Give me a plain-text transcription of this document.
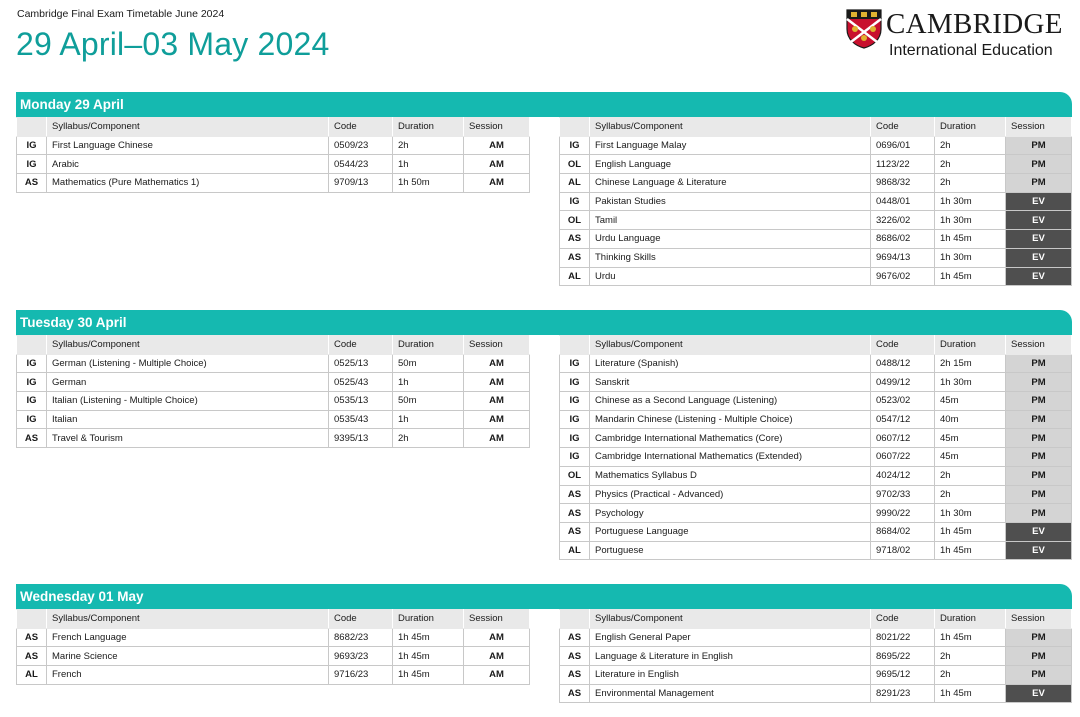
Cambridge Final Exam Timetable June 2024
29 April–03 May 2024
CAMBRIDGE
International Education
Monday 29 April
	Syllabus/Component	Code	Duration	Session
IG	First Language Chinese	0509/23	2h	AM
IG	Arabic	0544/23	1h	AM
AS	Mathematics (Pure Mathematics 1)	9709/13	1h 50m	AM
	Syllabus/Component	Code	Duration	Session
IG	First Language Malay	0696/01	2h	PM
OL	English Language	1123/22	2h	PM
AL	Chinese Language & Literature	9868/32	2h	PM
IG	Pakistan Studies	0448/01	1h 30m	EV
OL	Tamil	3226/02	1h 30m	EV
AS	Urdu Language	8686/02	1h 45m	EV
AS	Thinking Skills	9694/13	1h 30m	EV
AL	Urdu	9676/02	1h 45m	EV
Tuesday 30 April
	Syllabus/Component	Code	Duration	Session
IG	German (Listening - Multiple Choice)	0525/13	50m	AM
IG	German	0525/43	1h	AM
IG	Italian (Listening - Multiple Choice)	0535/13	50m	AM
IG	Italian	0535/43	1h	AM
AS	Travel & Tourism	9395/13	2h	AM
	Syllabus/Component	Code	Duration	Session
IG	Literature (Spanish)	0488/12	2h 15m	PM
IG	Sanskrit	0499/12	1h 30m	PM
IG	Chinese as a Second Language (Listening)	0523/02	45m	PM
IG	Mandarin Chinese (Listening - Multiple Choice)	0547/12	40m	PM
IG	Cambridge International Mathematics (Core)	0607/12	45m	PM
IG	Cambridge International Mathematics (Extended)	0607/22	45m	PM
OL	Mathematics Syllabus D	4024/12	2h	PM
AS	Physics (Practical - Advanced)	9702/33	2h	PM
AS	Psychology	9990/22	1h 30m	PM
AS	Portuguese Language	8684/02	1h 45m	EV
AL	Portuguese	9718/02	1h 45m	EV
Wednesday 01 May
	Syllabus/Component	Code	Duration	Session
AS	French Language	8682/23	1h 45m	AM
AS	Marine Science	9693/23	1h 45m	AM
AL	French	9716/23	1h 45m	AM
	Syllabus/Component	Code	Duration	Session
AS	English General Paper	8021/22	1h 45m	PM
AS	Language & Literature in English	8695/22	2h	PM
AS	Literature in English	9695/12	2h	PM
AS	Environmental Management	8291/23	1h 45m	EV
